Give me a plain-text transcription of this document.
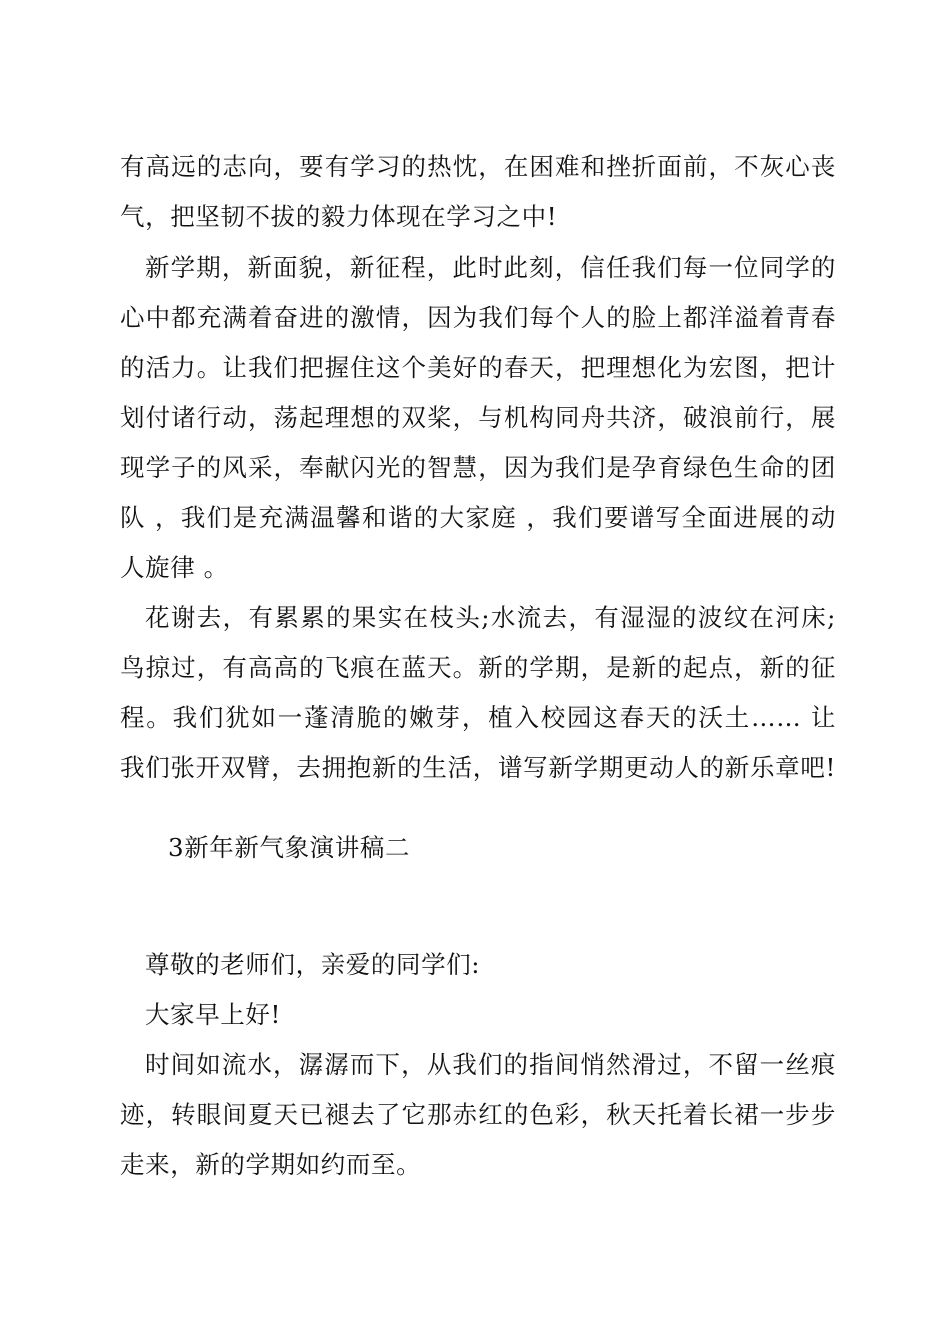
有高远的志向，要有学习的热忱，在困难和挫折面前，不灰心丧
气，把坚韧不拔的毅力体现在学习之中!
新学期，新面貌，新征程，此时此刻，信任我们每一位同学的
心中都充满着奋进的激情，因为我们每个人的脸上都洋溢着青春
的活力。让我们把握住这个美好的春天，把理想化为宏图，把计
划付诸行动，荡起理想的双桨，与机构同舟共济，破浪前行，展
现学子的风采，奉献闪光的智慧，因为我们是孕育绿色生命的团
队 ，我们是充满温馨和谐的大家庭 ，我们要谱写全面进展的动
人旋律 。
花谢去，有累累的果实在枝头;水流去，有湿湿的波纹在河床;
鸟掠过，有高高的飞痕在蓝天。新的学期，是新的起点，新的征
程。我们犹如一蓬清脆的嫩芽，植入校园这春天的沃土…… 让
我们张开双臂，去拥抱新的生活，谱写新学期更动人的新乐章吧!
3新年新气象演讲稿二
尊敬的老师们，亲爱的同学们:
大家早上好!
时间如流水，潺潺而下，从我们的指间悄然滑过，不留一丝痕
迹，转眼间夏天已褪去了它那赤红的色彩，秋天托着长裙一步步
走来，新的学期如约而至。
